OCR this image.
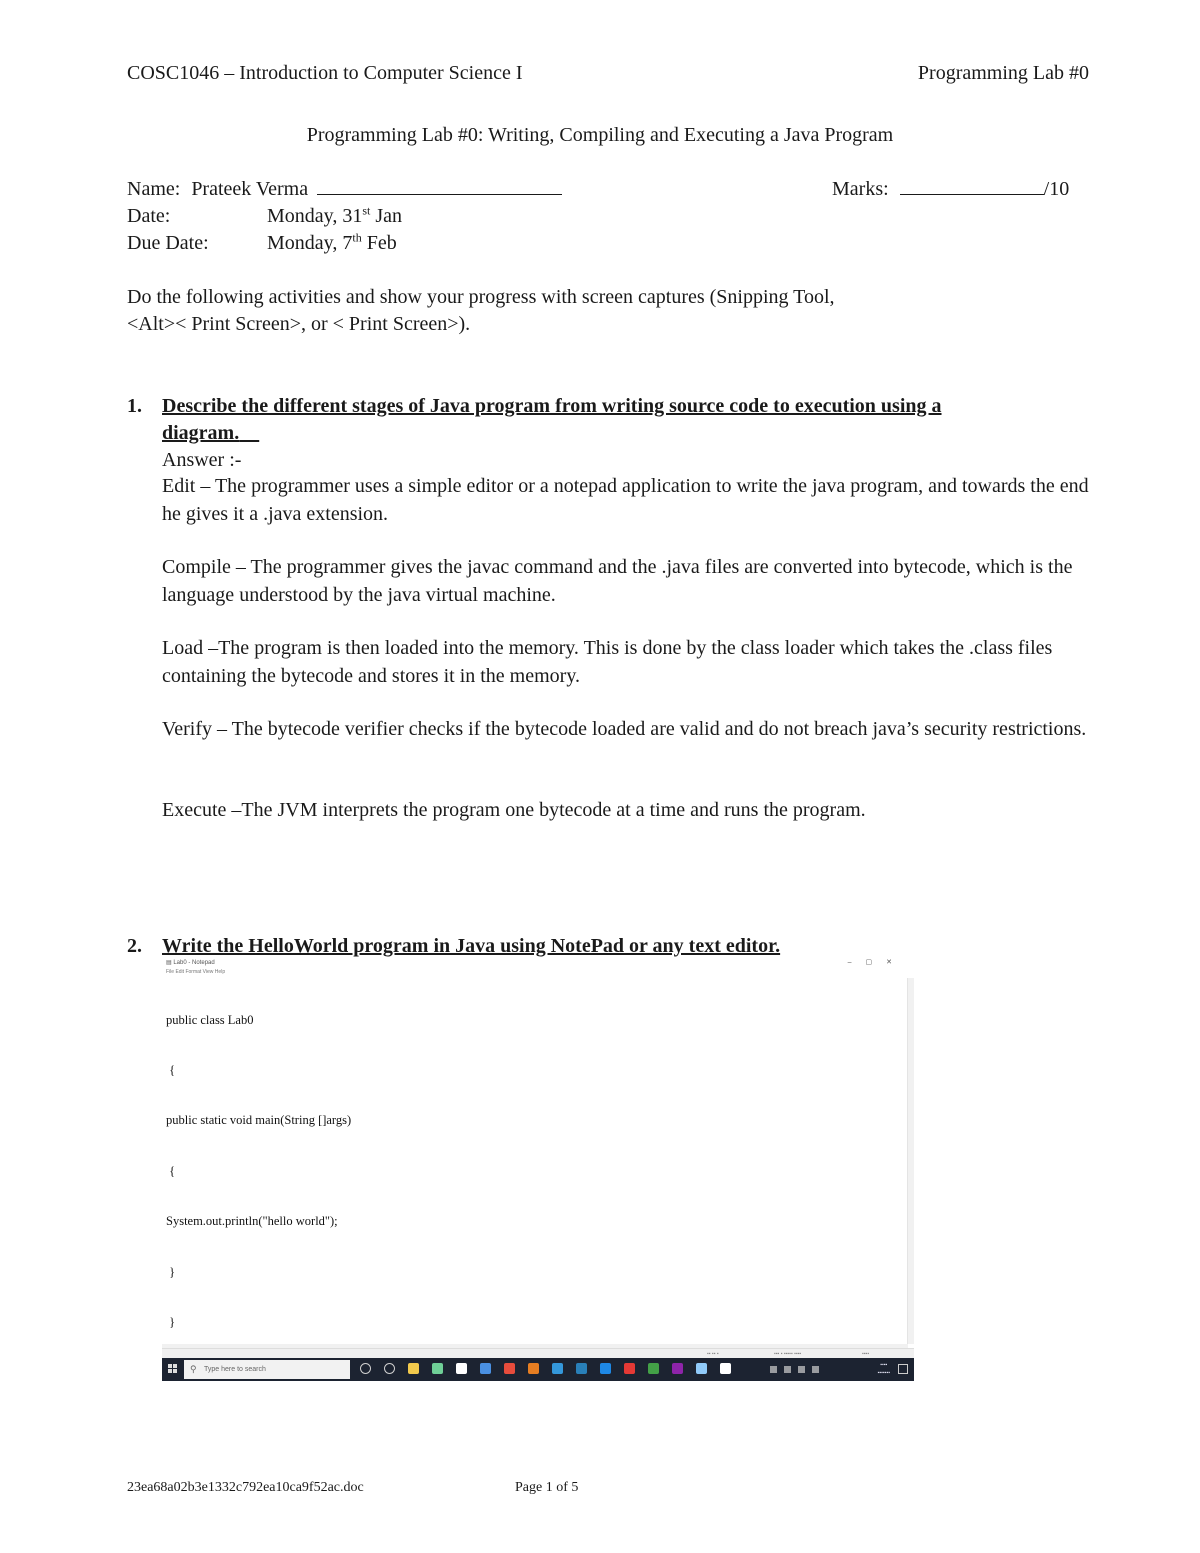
COSC1046 – Introduction to Computer Science I	Programming Lab #0
Programming Lab #0: Writing, Compiling and Executing a Java Program
Name: Prateek Verma	Marks:	/10
Date:	Monday, 31st Jan
Due Date:	Monday, 7th Feb
Do the following activities and show your progress with screen captures (Snipping Tool,
<Alt>< Print Screen>, or < Print Screen>).
1. Describe the different stages of Java program from writing source code to execution using a
diagram.
Answer :-
Edit – The programmer uses a simple editor or a notepad application to write the java program, and towards the end he gives it a .java extension.
Compile – The programmer gives the javac command and the .java files are converted into bytecode, which is the language understood by the java virtual machine.
Load –The program is then loaded into the memory. This is done by the class loader which takes the .class files containing the bytecode and stores it in the memory.
Verify – The bytecode verifier checks if the bytecode loaded are valid and do not breach java’s security restrictions.
Execute –The JVM interprets the program one bytecode at a time and runs the program.
2. Write the HelloWorld program in Java using NotePad or any text editor.
▤ Lab0 - Notepad	–▢✕
File Edit Format View Help

public class Lab0

{

public static void main(String []args)

{

System.out.println("hello world");

}

}

▪▪ ▪▪ ▪	▪▪▪ ▪ ▪▪▪▪▪ ▪▪▪▪	▪▪▪▪
⚲ Type here to search
▪▪▪▪
▪▪▪▪▪▪▪
23ea68a02b3e1332c792ea10ca9f52ac.doc	Page 1 of 5
